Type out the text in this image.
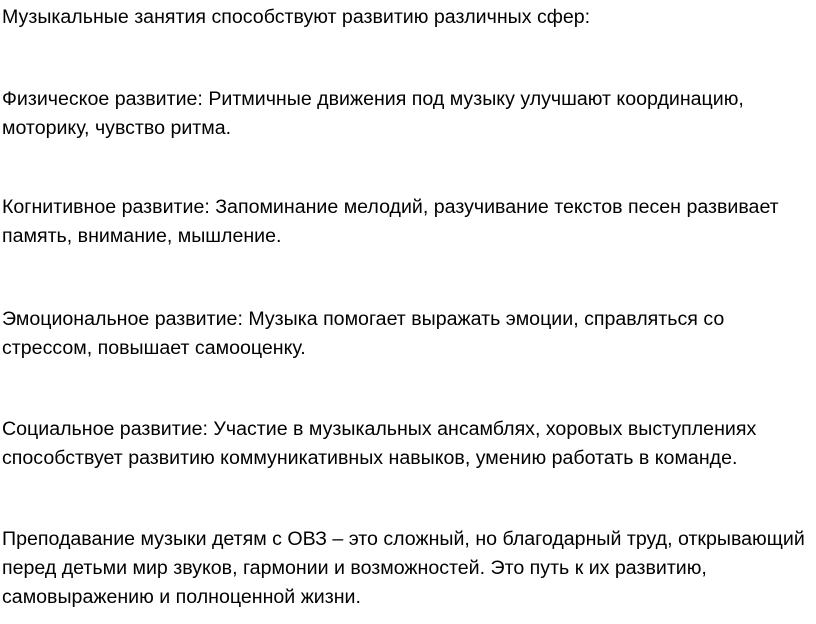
Музыкальные занятия способствуют развитию различных сфер:

Физическое развитие: Ритмичные движения под музыку улучшают координацию, моторику, чувство ритма.

Когнитивное развитие: Запоминание мелодий, разучивание текстов песен развивает память, внимание, мышление.

Эмоциональное развитие: Музыка помогает выражать эмоции, справляться со стрессом, повышает самооценку.

Социальное развитие: Участие в музыкальных ансамблях, хоровых выступлениях способствует развитию коммуникативных навыков, умению работать в команде.

Преподавание музыки детям с ОВЗ – это сложный, но благодарный труд, открывающий перед детьми мир звуков, гармонии и возможностей. Это путь к их развитию, самовыражению и полноценной жизни.
